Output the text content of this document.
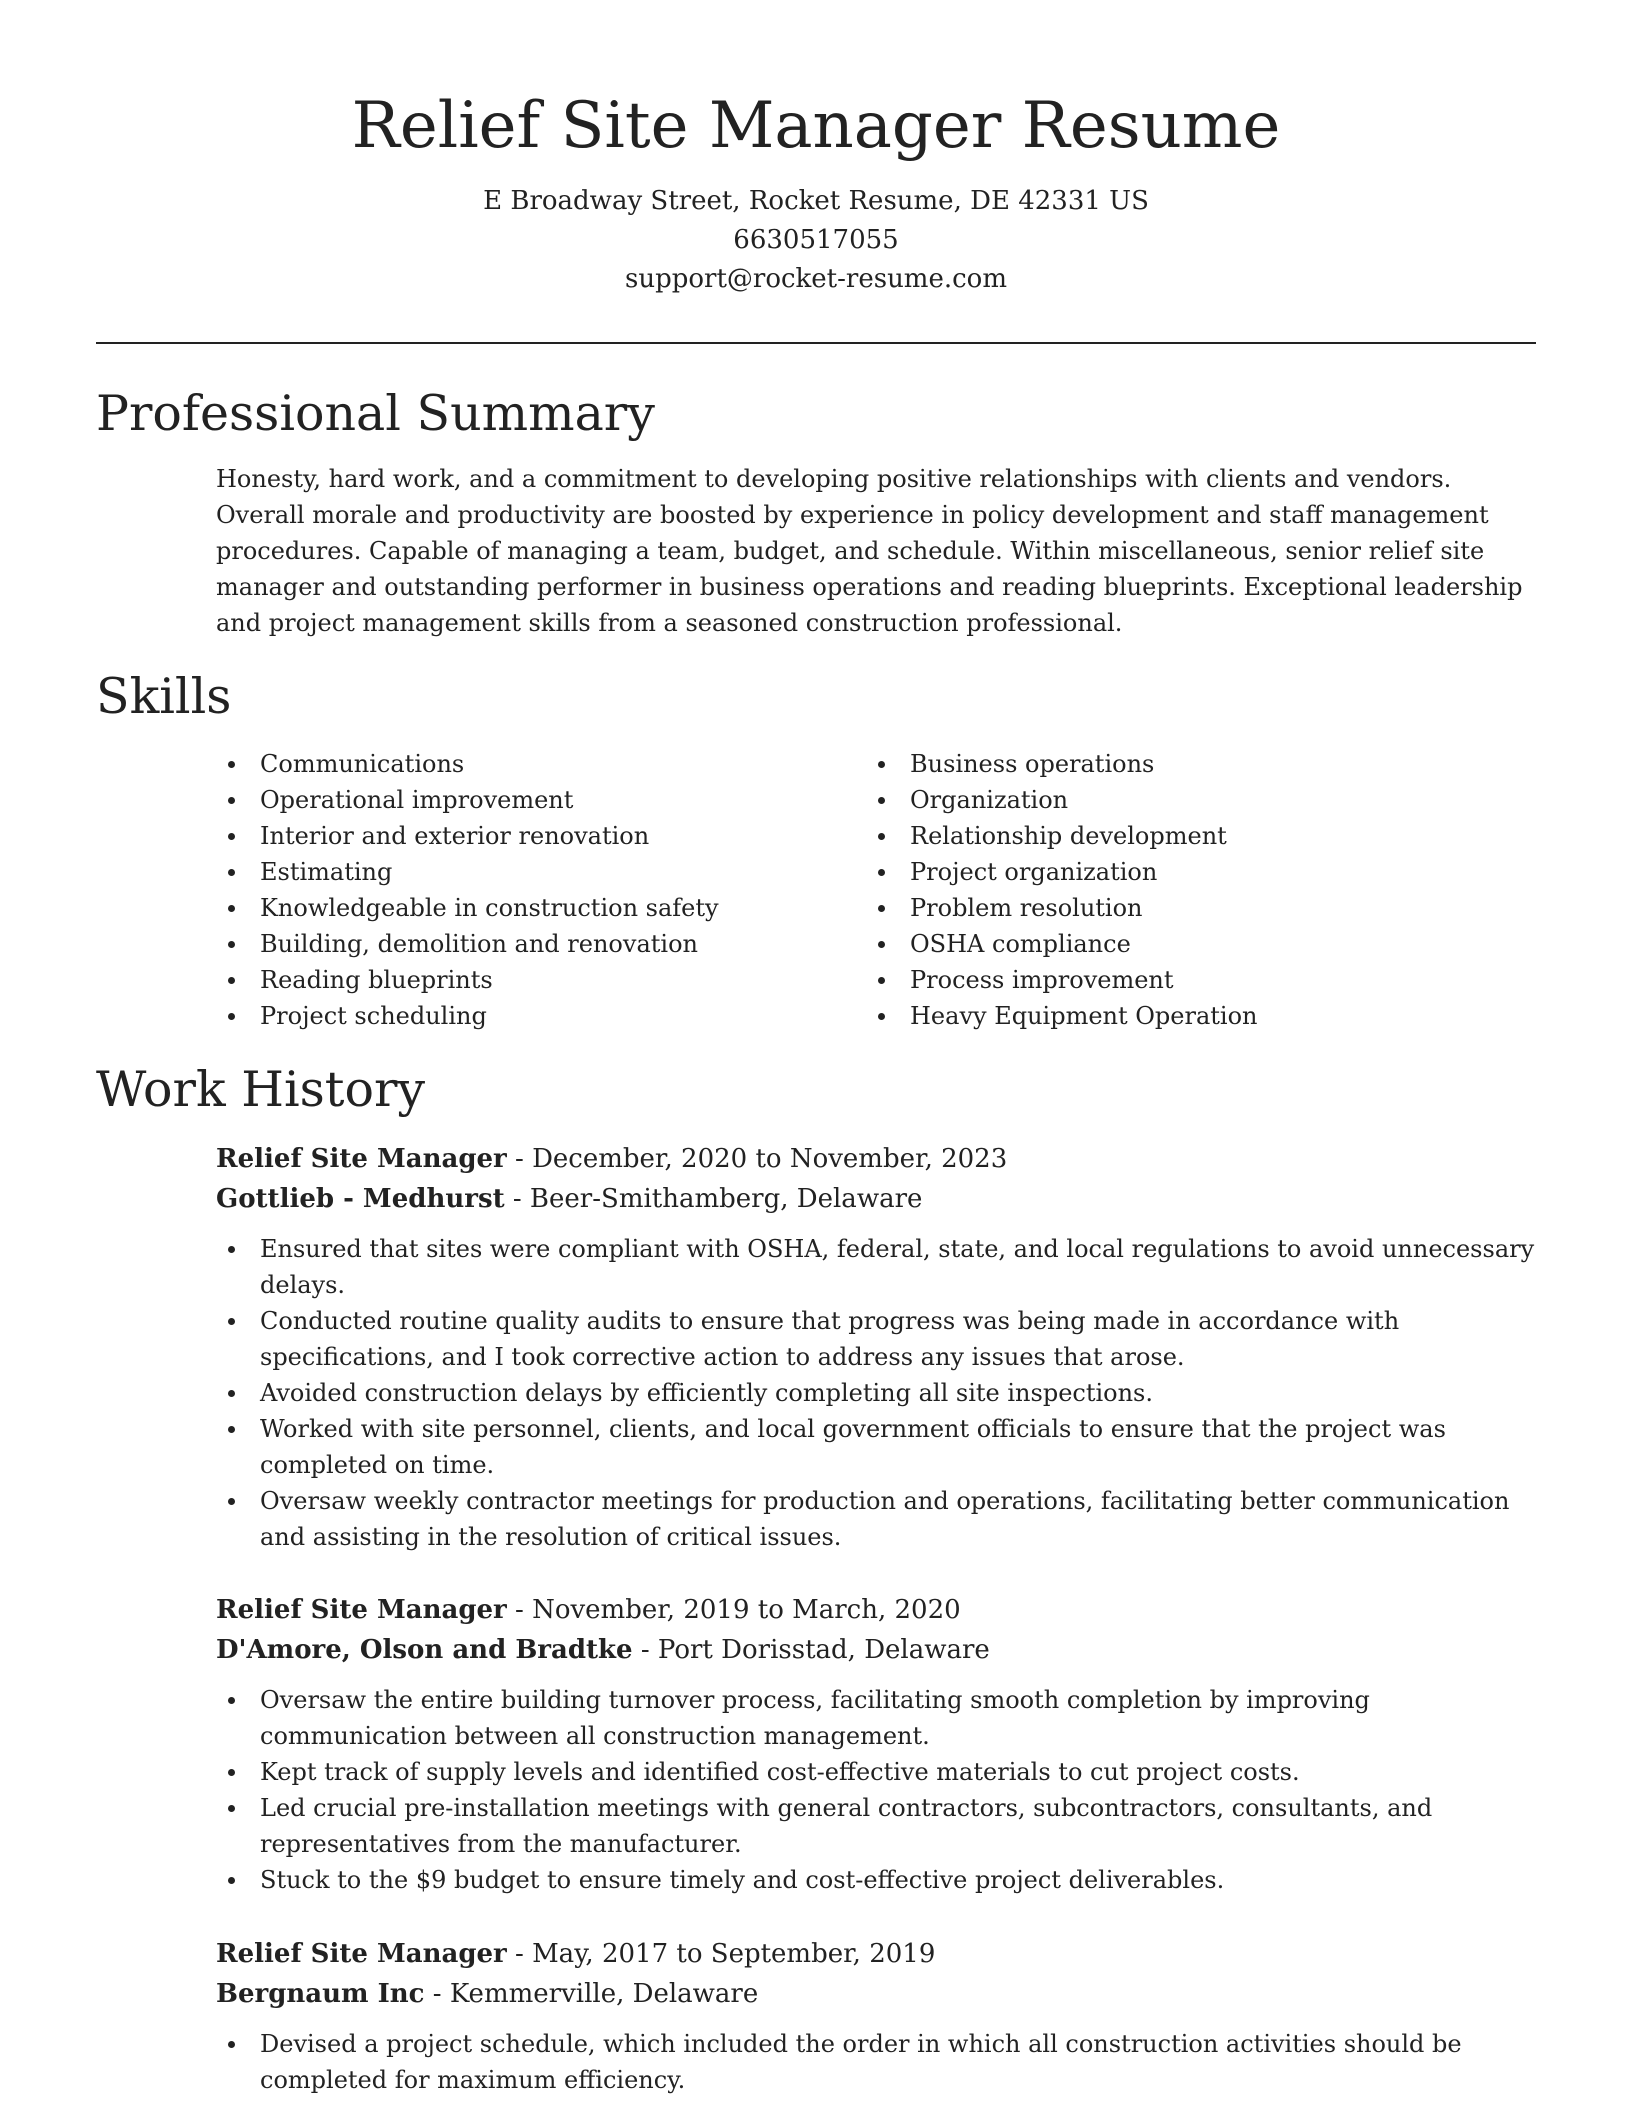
Relief Site Manager Resume
E Broadway Street, Rocket Resume, DE 42331 US
6630517055
support@rocket-resume.com
Professional Summary
Honesty, hard work, and a commitment to developing positive relationships with clients and vendors. Overall morale and productivity are boosted by experience in policy development and staff management procedures. Capable of managing a team, budget, and schedule. Within miscellaneous, senior relief site manager and outstanding performer in business operations and reading blueprints. Exceptional leadership and project management skills from a seasoned construction professional.
Skills
Communications
Operational improvement
Interior and exterior renovation
Estimating
Knowledgeable in construction safety
Building, demolition and renovation
Reading blueprints
Project scheduling
Business operations
Organization
Relationship development
Project organization
Problem resolution
OSHA compliance
Process improvement
Heavy Equipment Operation
Work History
Relief Site Manager - December, 2020 to November, 2023
Gottlieb - Medhurst - Beer-Smithamberg, Delaware
Ensured that sites were compliant with OSHA, federal, state, and local regulations to avoid unnecessary delays.
Conducted routine quality audits to ensure that progress was being made in accordance with specifications, and I took corrective action to address any issues that arose.
Avoided construction delays by efficiently completing all site inspections.
Worked with site personnel, clients, and local government officials to ensure that the project was completed on time.
Oversaw weekly contractor meetings for production and operations, facilitating better communication and assisting in the resolution of critical issues.
Relief Site Manager - November, 2019 to March, 2020
D'Amore, Olson and Bradtke - Port Dorisstad, Delaware
Oversaw the entire building turnover process, facilitating smooth completion by improving communication between all construction management.
Kept track of supply levels and identified cost-effective materials to cut project costs.
Led crucial pre-installation meetings with general contractors, subcontractors, consultants, and representatives from the manufacturer.
Stuck to the $9 budget to ensure timely and cost-effective project deliverables.
Relief Site Manager - May, 2017 to September, 2019
Bergnaum Inc - Kemmerville, Delaware
Devised a project schedule, which included the order in which all construction activities should be completed for maximum efficiency.
